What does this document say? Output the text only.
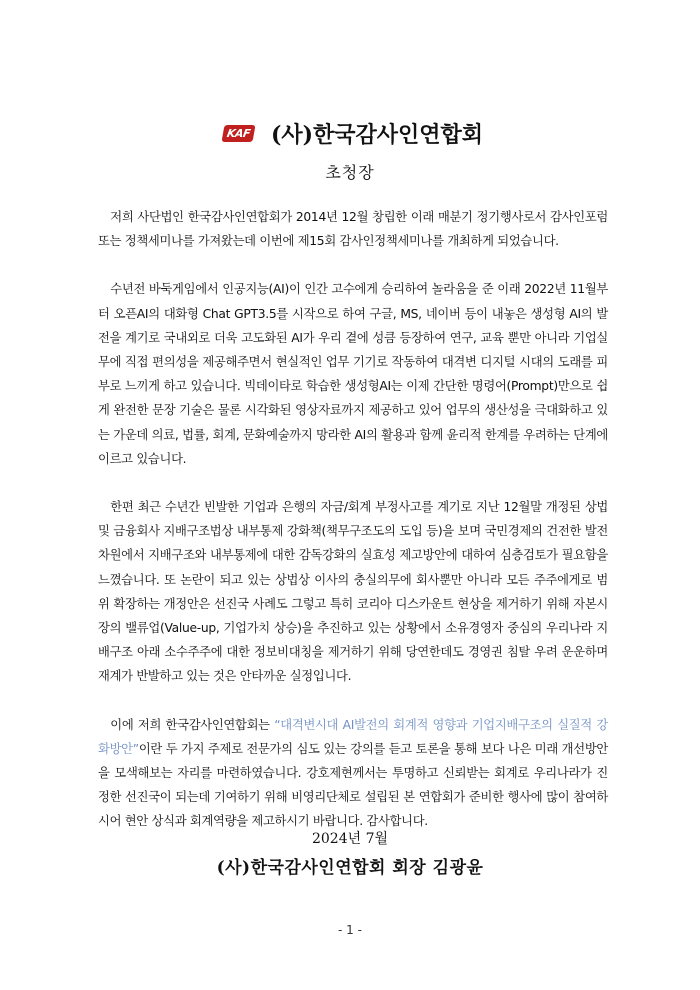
KAF (사)한국감사인연합회
초청장

저희 사단법인 한국감사인연합회가 2014년 12월 창립한 이래 매분기 정기행사로서 감사인포럼 또는 정책세미나를 가져왔는데 이번에 제15회 감사인정책세미나를 개최하게 되었습니다.

수년전 바둑게임에서 인공지능(AI)이 인간 고수에게 승리하여 놀라움을 준 이래 2022년 11월부터 오픈AI의 대화형 Chat GPT3.5를 시작으로 하여 구글, MS, 네이버 등이 내놓은 생성형 AI의 발전을 계기로 국내외로 더욱 고도화된 AI가 우리 곁에 성큼 등장하여 연구, 교육 뿐만 아니라 기업실무에 직접 편의성을 제공해주면서 현실적인 업무 기기로 작동하여 대격변 디지털 시대의 도래를 피부로 느끼게 하고 있습니다. 빅데이타로 학습한 생성형AI는 이제 간단한 명령어(Prompt)만으로 쉽게 완전한 문장 기술은 물론 시각화된 영상자료까지 제공하고 있어 업무의 생산성을 극대화하고 있는 가운데 의료, 법률, 회계, 문화예술까지 망라한 AI의 활용과 함께 윤리적 한계를 우려하는 단계에 이르고 있습니다.

한편 최근 수년간 빈발한 기업과 은행의 자금/회계 부정사고를 계기로 지난 12월말 개정된 상법 및 금융회사 지배구조법상 내부통제 강화책(책무구조도의 도입 등)을 보며 국민경제의 건전한 발전 차원에서 지배구조와 내부통제에 대한 감독강화의 실효성 제고방안에 대하여 심층검토가 필요함을 느꼈습니다. 또 논란이 되고 있는 상법상 이사의 충실의무에 회사뿐만 아니라 모든 주주에게로 범위 확장하는 개정안은 선진국 사례도 그렇고 특히 코리아 디스카운트 현상을 제거하기 위해 자본시장의 밸류업(Value-up, 기업가치 상승)을 추진하고 있는 상황에서 소유경영자 중심의 우리나라 지배구조 아래 소수주주에 대한 정보비대칭을 제거하기 위해 당연한데도 경영권 침탈 우려 운운하며 재계가 반발하고 있는 것은 안타까운 실정입니다.

이에 저희 한국감사인연합회는 “대격변시대 AI발전의 회계적 영향과 기업지배구조의 실질적 강화방안”이란 두 가지 주제로 전문가의 심도 있는 강의를 듣고 토론을 통해 보다 나은 미래 개선방안을 모색해보는 자리를 마련하였습니다. 강호제현께서는 투명하고 신뢰받는 회계로 우리나라가 진정한 선진국이 되는데 기여하기 위해 비영리단체로 설립된 본 연합회가 준비한 행사에 많이 참여하시어 현안 상식과 회계역량을 제고하시기 바랍니다. 감사합니다.

2024년 7월
(사)한국감사인연합회 회장 김광윤
- 1 -
